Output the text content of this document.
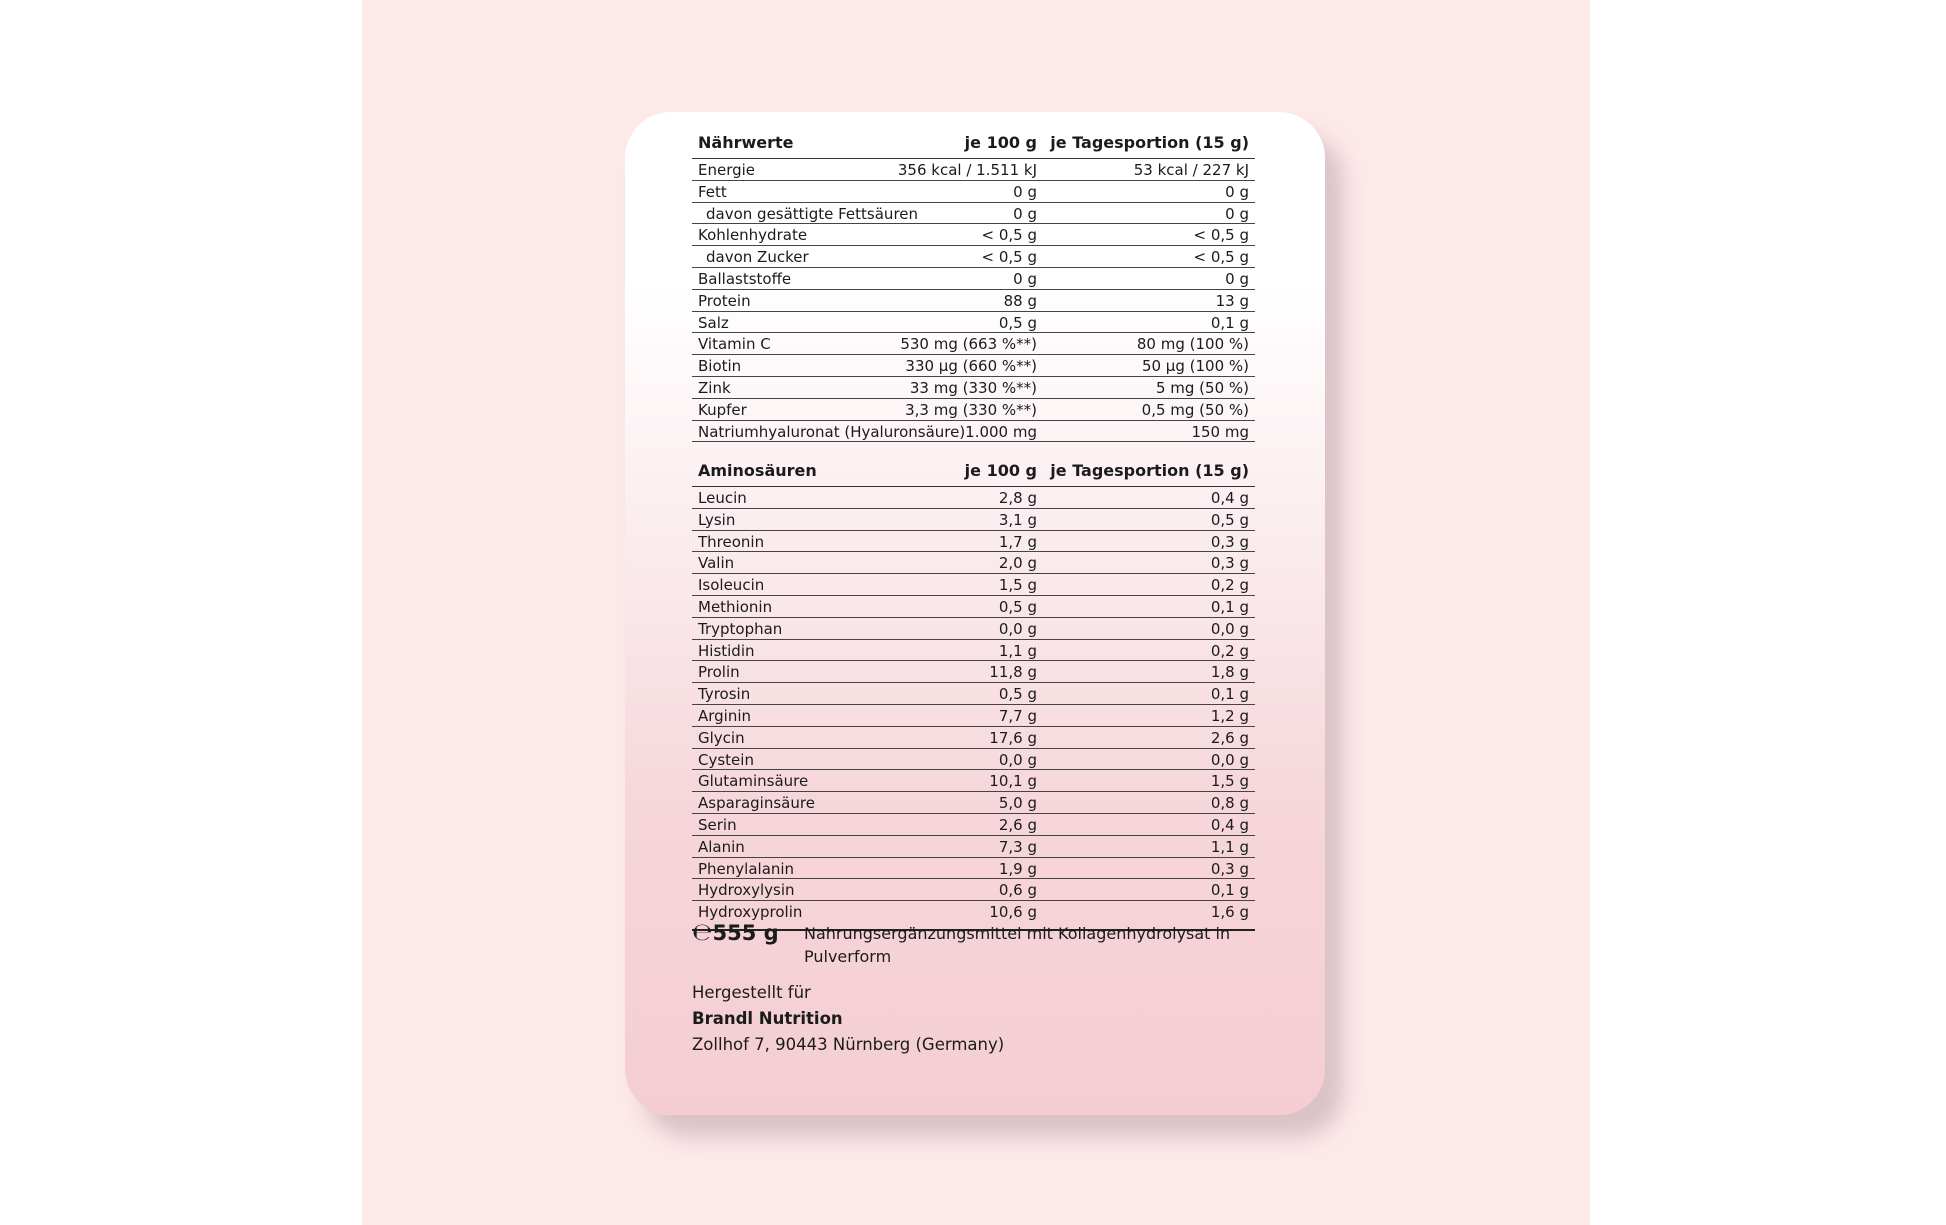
Nährwerte	je 100 g je Tagesportion (15 g)
Energie	356 kcal / 1.511 kJ	53 kcal / 227 kJ
Fett	0 g	0 g
davon gesättigte Fettsäuren	0 g	0 g
Kohlenhydrate	< 0,5 g	< 0,5 g
davon Zucker	< 0,5 g	< 0,5 g
Ballaststoffe	0 g	0 g
Protein	88 g	13 g
Salz	0,5 g	0,1 g
Vitamin C	530 mg (663 %**)	80 mg (100 %)
Biotin	330 µg (660 %**)	50 µg (100 %)
Zink	33 mg (330 %**)	5 mg (50 %)
Kupfer	3,3 mg (330 %**)	0,5 mg (50 %)
Natriumhyaluronat (Hyaluronsäure) 1.000 mg	150 mg
Aminosäuren	je 100 g je Tagesportion (15 g)
Leucin	2,8 g	0,4 g
Lysin	3,1 g	0,5 g
Threonin	1,7 g	0,3 g
Valin	2,0 g	0,3 g
Isoleucin	1,5 g	0,2 g
Methionin	0,5 g	0,1 g
Tryptophan	0,0 g	0,0 g
Histidin	1,1 g	0,2 g
Prolin	11,8 g	1,8 g
Tyrosin	0,5 g	0,1 g
Arginin	7,7 g	1,2 g
Glycin	17,6 g	2,6 g
Cystein	0,0 g	0,0 g
Glutaminsäure	10,1 g	1,5 g
Asparaginsäure	5,0 g	0,8 g
Serin	2,6 g	0,4 g
Alanin	7,3 g	1,1 g
Phenylalanin	1,9 g	0,3 g
Hydroxylysin	0,6 g	0,1 g
Hydroxyprolin	10,6 g	1,6 g
℮555 g Nahrungsergänzungsmittel mit Kollagenhydrolysat in Pulverform
Hergestellt für
Brandl Nutrition
Zollhof 7, 90443 Nürnberg (Germany)
